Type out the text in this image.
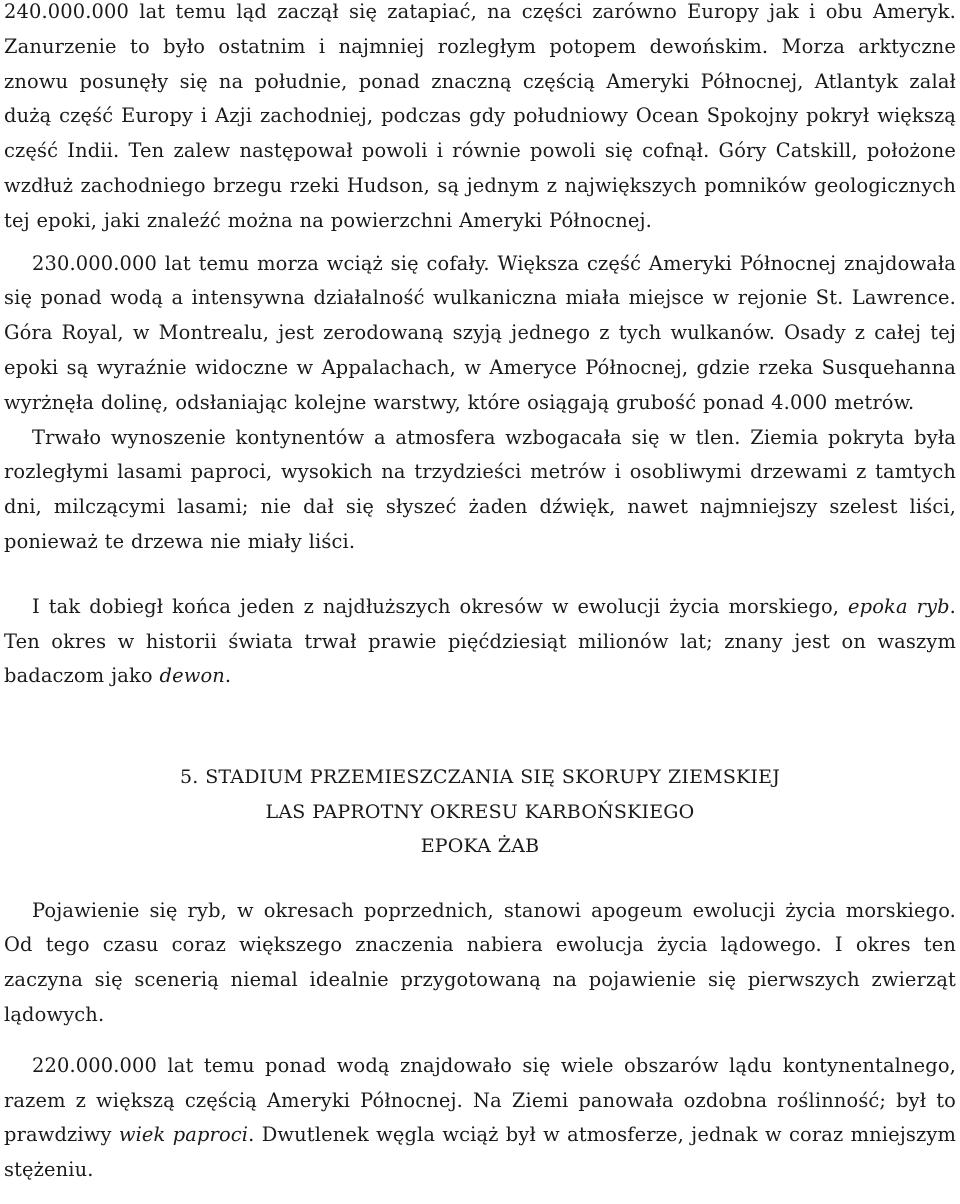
240.000.000 lat temu ląd zaczął się zatapiać, na części zarówno Europy jak i obu Ameryk. Zanurzenie to było ostatnim i najmniej rozległym potopem dewońskim. Morza arktyczne znowu posunęły się na południe, ponad znaczną częścią Ameryki Północnej, Atlantyk zalał dużą część Europy i Azji zachodniej, podczas gdy południowy Ocean Spokojny pokrył większą część Indii. Ten zalew następował powoli i równie powoli się cofnął. Góry Catskill, położone wzdłuż zachodniego brzegu rzeki Hudson, są jednym z największych pomników geologicznych tej epoki, jaki znaleźć można na powierzchni Ameryki Północnej.

230.000.000 lat temu morza wciąż się cofały. Większa część Ameryki Północnej znajdowała się ponad wodą a intensywna działalność wulkaniczna miała miejsce w rejonie St. Lawrence. Góra Royal, w Montrealu, jest zerodowaną szyją jednego z tych wulkanów. Osady z całej tej epoki są wyraźnie widoczne w Appalachach, w Ameryce Północnej, gdzie rzeka Susquehanna wyrżnęła dolinę, odsłaniając kolejne warstwy, które osiągają grubość ponad 4.000 metrów.

Trwało wynoszenie kontynentów a atmosfera wzbogacała się w tlen. Ziemia pokryta była rozległymi lasami paproci, wysokich na trzydzieści metrów i osobliwymi drzewami z tamtych dni, milczącymi lasami; nie dał się słyszeć żaden dźwięk, nawet najmniejszy szelest liści, ponieważ te drzewa nie miały liści.

I tak dobiegł końca jeden z najdłuższych okresów w ewolucji życia morskiego, epoka ryb. Ten okres w historii świata trwał prawie pięćdziesiąt milionów lat; znany jest on waszym badaczom jako dewon.

5. STADIUM PRZEMIESZCZANIA SIĘ SKORUPY ZIEMSKIEJ
LAS PAPROTNY OKRESU KARBOŃSKIEGO
EPOKA ŻAB

Pojawienie się ryb, w okresach poprzednich, stanowi apogeum ewolucji życia morskiego. Od tego czasu coraz większego znaczenia nabiera ewolucja życia lądowego. I okres ten zaczyna się scenerią niemal idealnie przygotowaną na pojawienie się pierwszych zwierząt lądowych.

220.000.000 lat temu ponad wodą znajdowało się wiele obszarów lądu kontynentalnego, razem z większą częścią Ameryki Północnej. Na Ziemi panowała ozdobna roślinność; był to prawdziwy wiek paproci. Dwutlenek węgla wciąż był w atmosferze, jednak w coraz mniejszym stężeniu.
